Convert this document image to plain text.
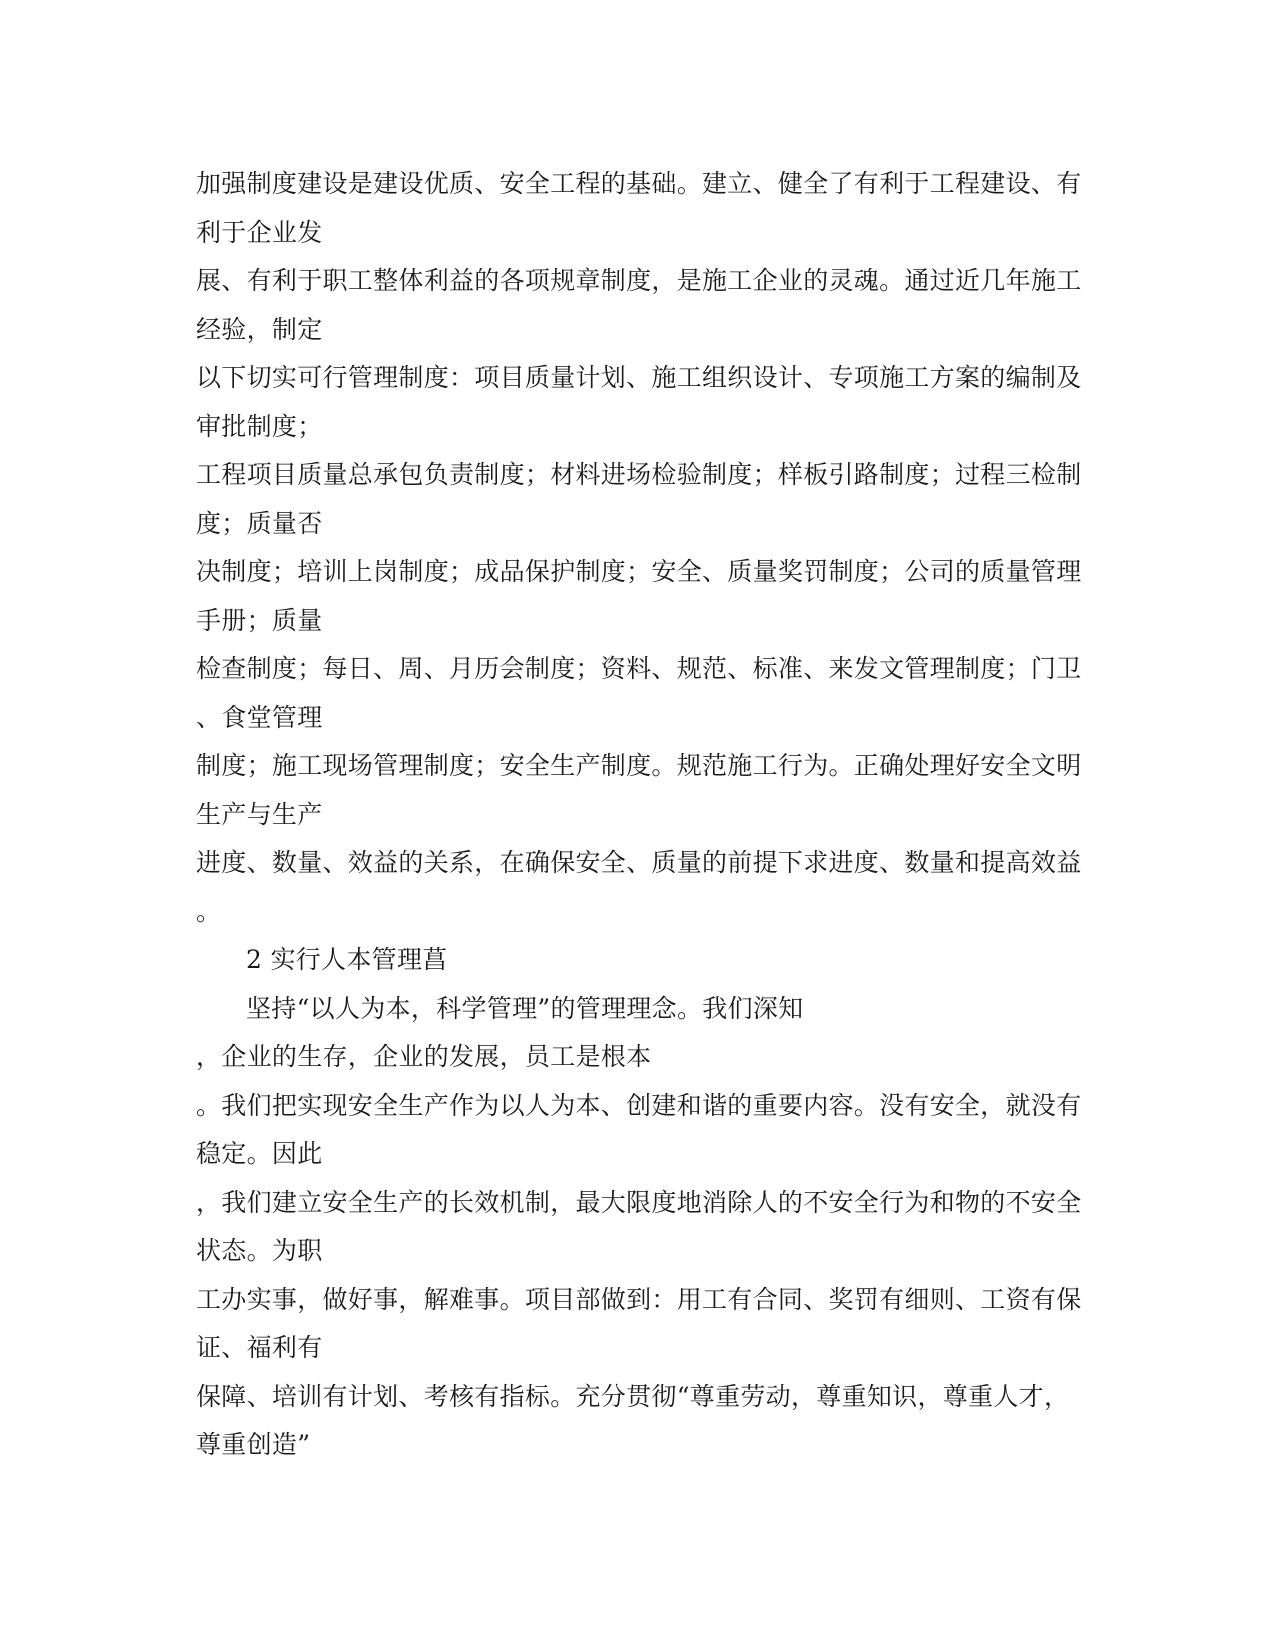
加强制度建设是建设优质、安全工程的基础。建立、健全了有利于工程建设、有
利于企业发
展、有利于职工整体利益的各项规章制度，是施工企业的灵魂。通过近几年施工
经验，制定
以下切实可行管理制度：项目质量计划、施工组织设计、专项施工方案的编制及
审批制度；
工程项目质量总承包负责制度；材料进场检验制度；样板引路制度；过程三检制
度；质量否
决制度；培训上岗制度；成品保护制度；安全、质量奖罚制度；公司的质量管理
手册；质量
检查制度；每日、周、月历会制度；资料、规范、标准、来发文管理制度；门卫
、食堂管理
制度；施工现场管理制度；安全生产制度。规范施工行为。正确处理好安全文明
生产与生产
进度、数量、效益的关系，在确保安全、质量的前提下求进度、数量和提高效益
。
2 实行人本管理菖
坚持“以人为本，科学管理”的管理理念。我们深知
，企业的生存，企业的发展，员工是根本
。我们把实现安全生产作为以人为本、创建和谐的重要内容。没有安全，就没有
稳定。因此
，我们建立安全生产的长效机制，最大限度地消除人的不安全行为和物的不安全
状态。为职
工办实事，做好事，解难事。项目部做到：用工有合同、奖罚有细则、工资有保
证、福利有
保障、培训有计划、考核有指标。充分贯彻“尊重劳动，尊重知识，尊重人才，
尊重创造”
